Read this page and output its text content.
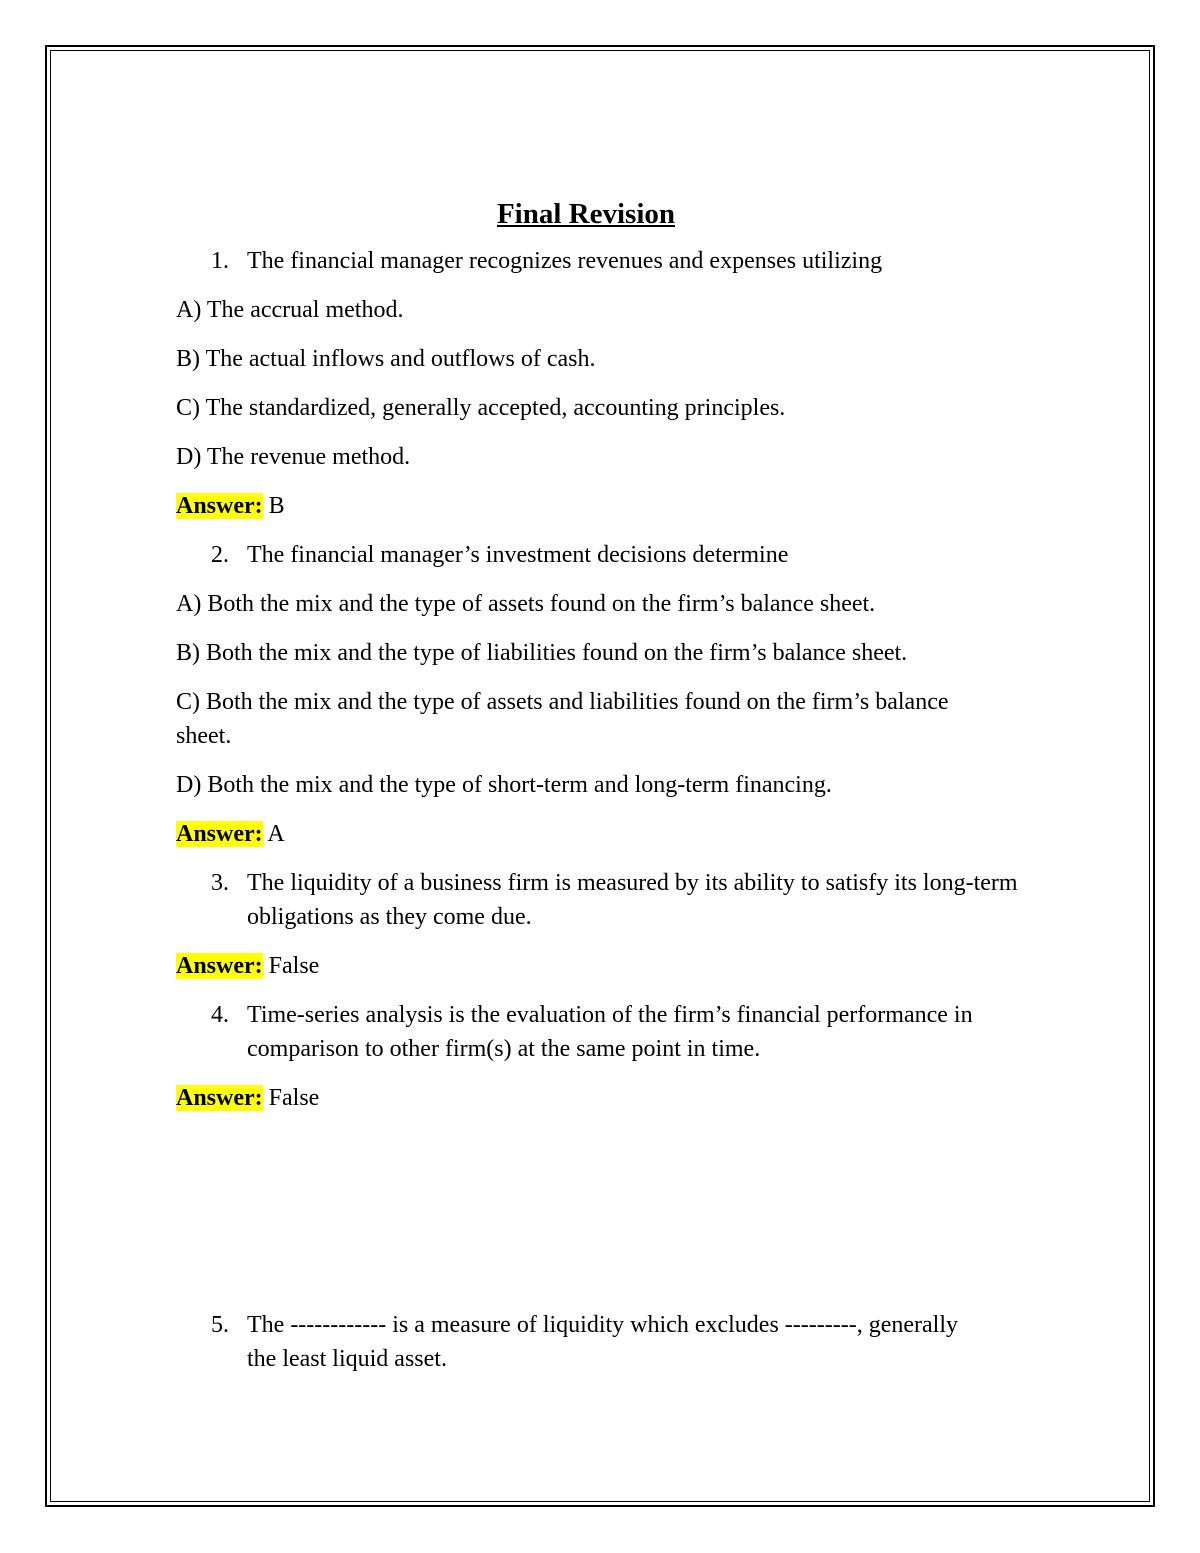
Final Revision
1. The financial manager recognizes revenues and expenses utilizing
A) The accrual method.
B) The actual inflows and outflows of cash.
C) The standardized, generally accepted, accounting principles.
D) The revenue method.
Answer: B
2. The financial manager’s investment decisions determine
A) Both the mix and the type of assets found on the firm’s balance sheet.
B) Both the mix and the type of liabilities found on the firm’s balance sheet.
C) Both the mix and the type of assets and liabilities found on the firm’s balance sheet.
D) Both the mix and the type of short-term and long-term financing.
Answer: A
3. The liquidity of a business firm is measured by its ability to satisfy its long-term obligations as they come due.
Answer: False
4. Time-series analysis is the evaluation of the firm’s financial performance in comparison to other firm(s) at the same point in time.
Answer: False
5. The ------------ is a measure of liquidity which excludes ---------, generally the least liquid asset.
